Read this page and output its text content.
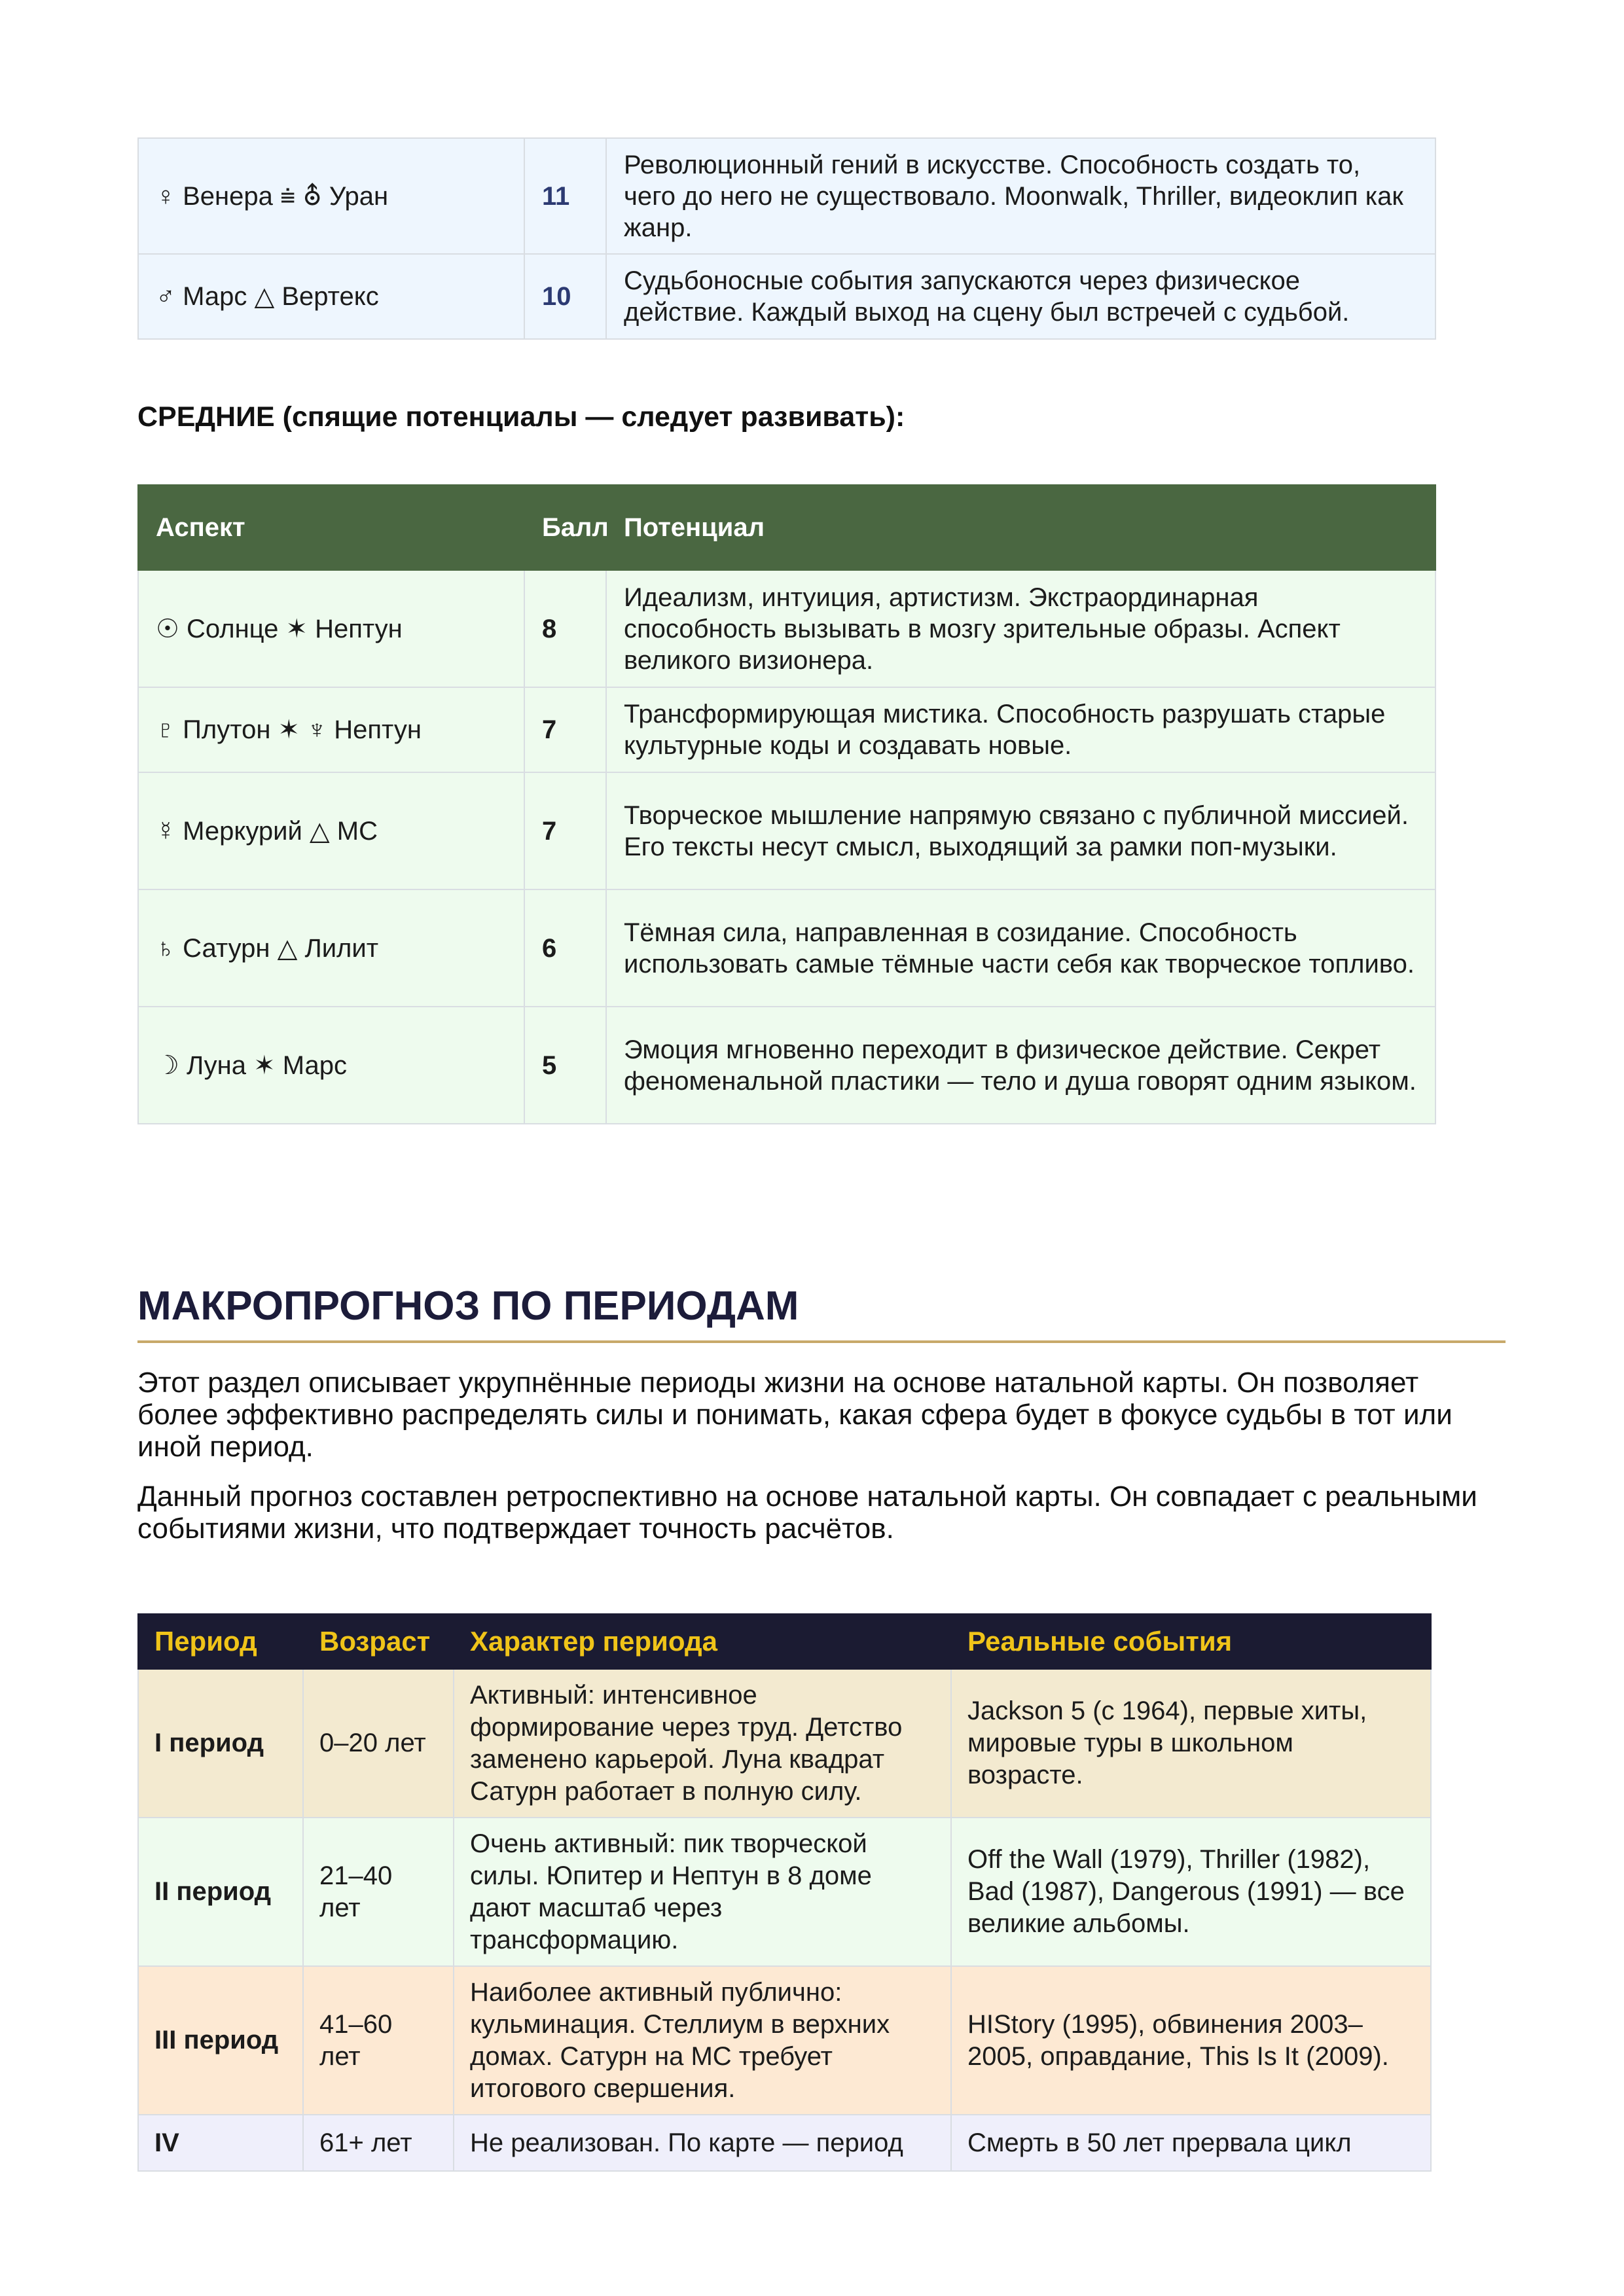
♀ Венера ⩧ ⛢ Уран	11	Революционный гений в искусстве. Способность создать то, чего до него не существовало. Moonwalk, Thriller, видеоклип как жанр.
♂ Марс △ Вертекс	10	Судьбоносные события запускаются через физическое действие. Каждый выход на сцену был встречей с судьбой.
СРЕДНИЕ (спящие потенциалы — следует развивать):
Аспект	Балл	Потенциал
☉ Солнце ✶ Нептун	8	Идеализм, интуиция, артистизм. Экстраординарная способность вызывать в мозгу зрительные образы. Аспект великого визионера.
♇ Плутон ✶ ♆ Нептун	7	Трансформирующая мистика. Способность разрушать старые культурные коды и создавать новые.
☿ Меркурий △ МС	7	Творческое мышление напрямую связано с публичной миссией. Его тексты несут смысл, выходящий за рамки поп-музыки.
♄ Сатурн △ Лилит	6	Тёмная сила, направленная в созидание. Способность использовать самые тёмные части себя как творческое топливо.
☽ Луна ✶ Марс	5	Эмоция мгновенно переходит в физическое действие. Секрет феноменальной пластики — тело и душа говорят одним языком.
МАКРОПРОГНОЗ ПО ПЕРИОДАМ

Этот раздел описывает укрупнённые периоды жизни на основе натальной карты. Он позволяет более эффективно распределять силы и понимать, какая сфера будет в фокусе судьбы в тот или иной период.

Данный прогноз составлен ретроспективно на основе натальной карты. Он совпадает с реальными событиями жизни, что подтверждает точность расчётов.

Период	Возраст	Характер периода	Реальные события
I период	0–20 лет	Активный: интенсивное формирование через труд. Детство заменено карьерой. Луна квадрат Сатурн работает в полную силу.	Jackson 5 (с 1964), первые хиты, мировые туры в школьном возрасте.
II период	21–40 лет	Очень активный: пик творческой силы. Юпитер и Нептун в 8 доме дают масштаб через трансформацию.	Off the Wall (1979), Thriller (1982), Bad (1987), Dangerous (1991) — все великие альбомы.
III период	41–60 лет	Наиболее активный публично: кульминация. Стеллиум в верхних домах. Сатурн на МС требует итогового свершения.	HIStory (1995), обвинения 2003–2005, оправдание, This Is It (2009).
IV	61+ лет	Не реализован. По карте — период	Смерть в 50 лет прервала цикл
